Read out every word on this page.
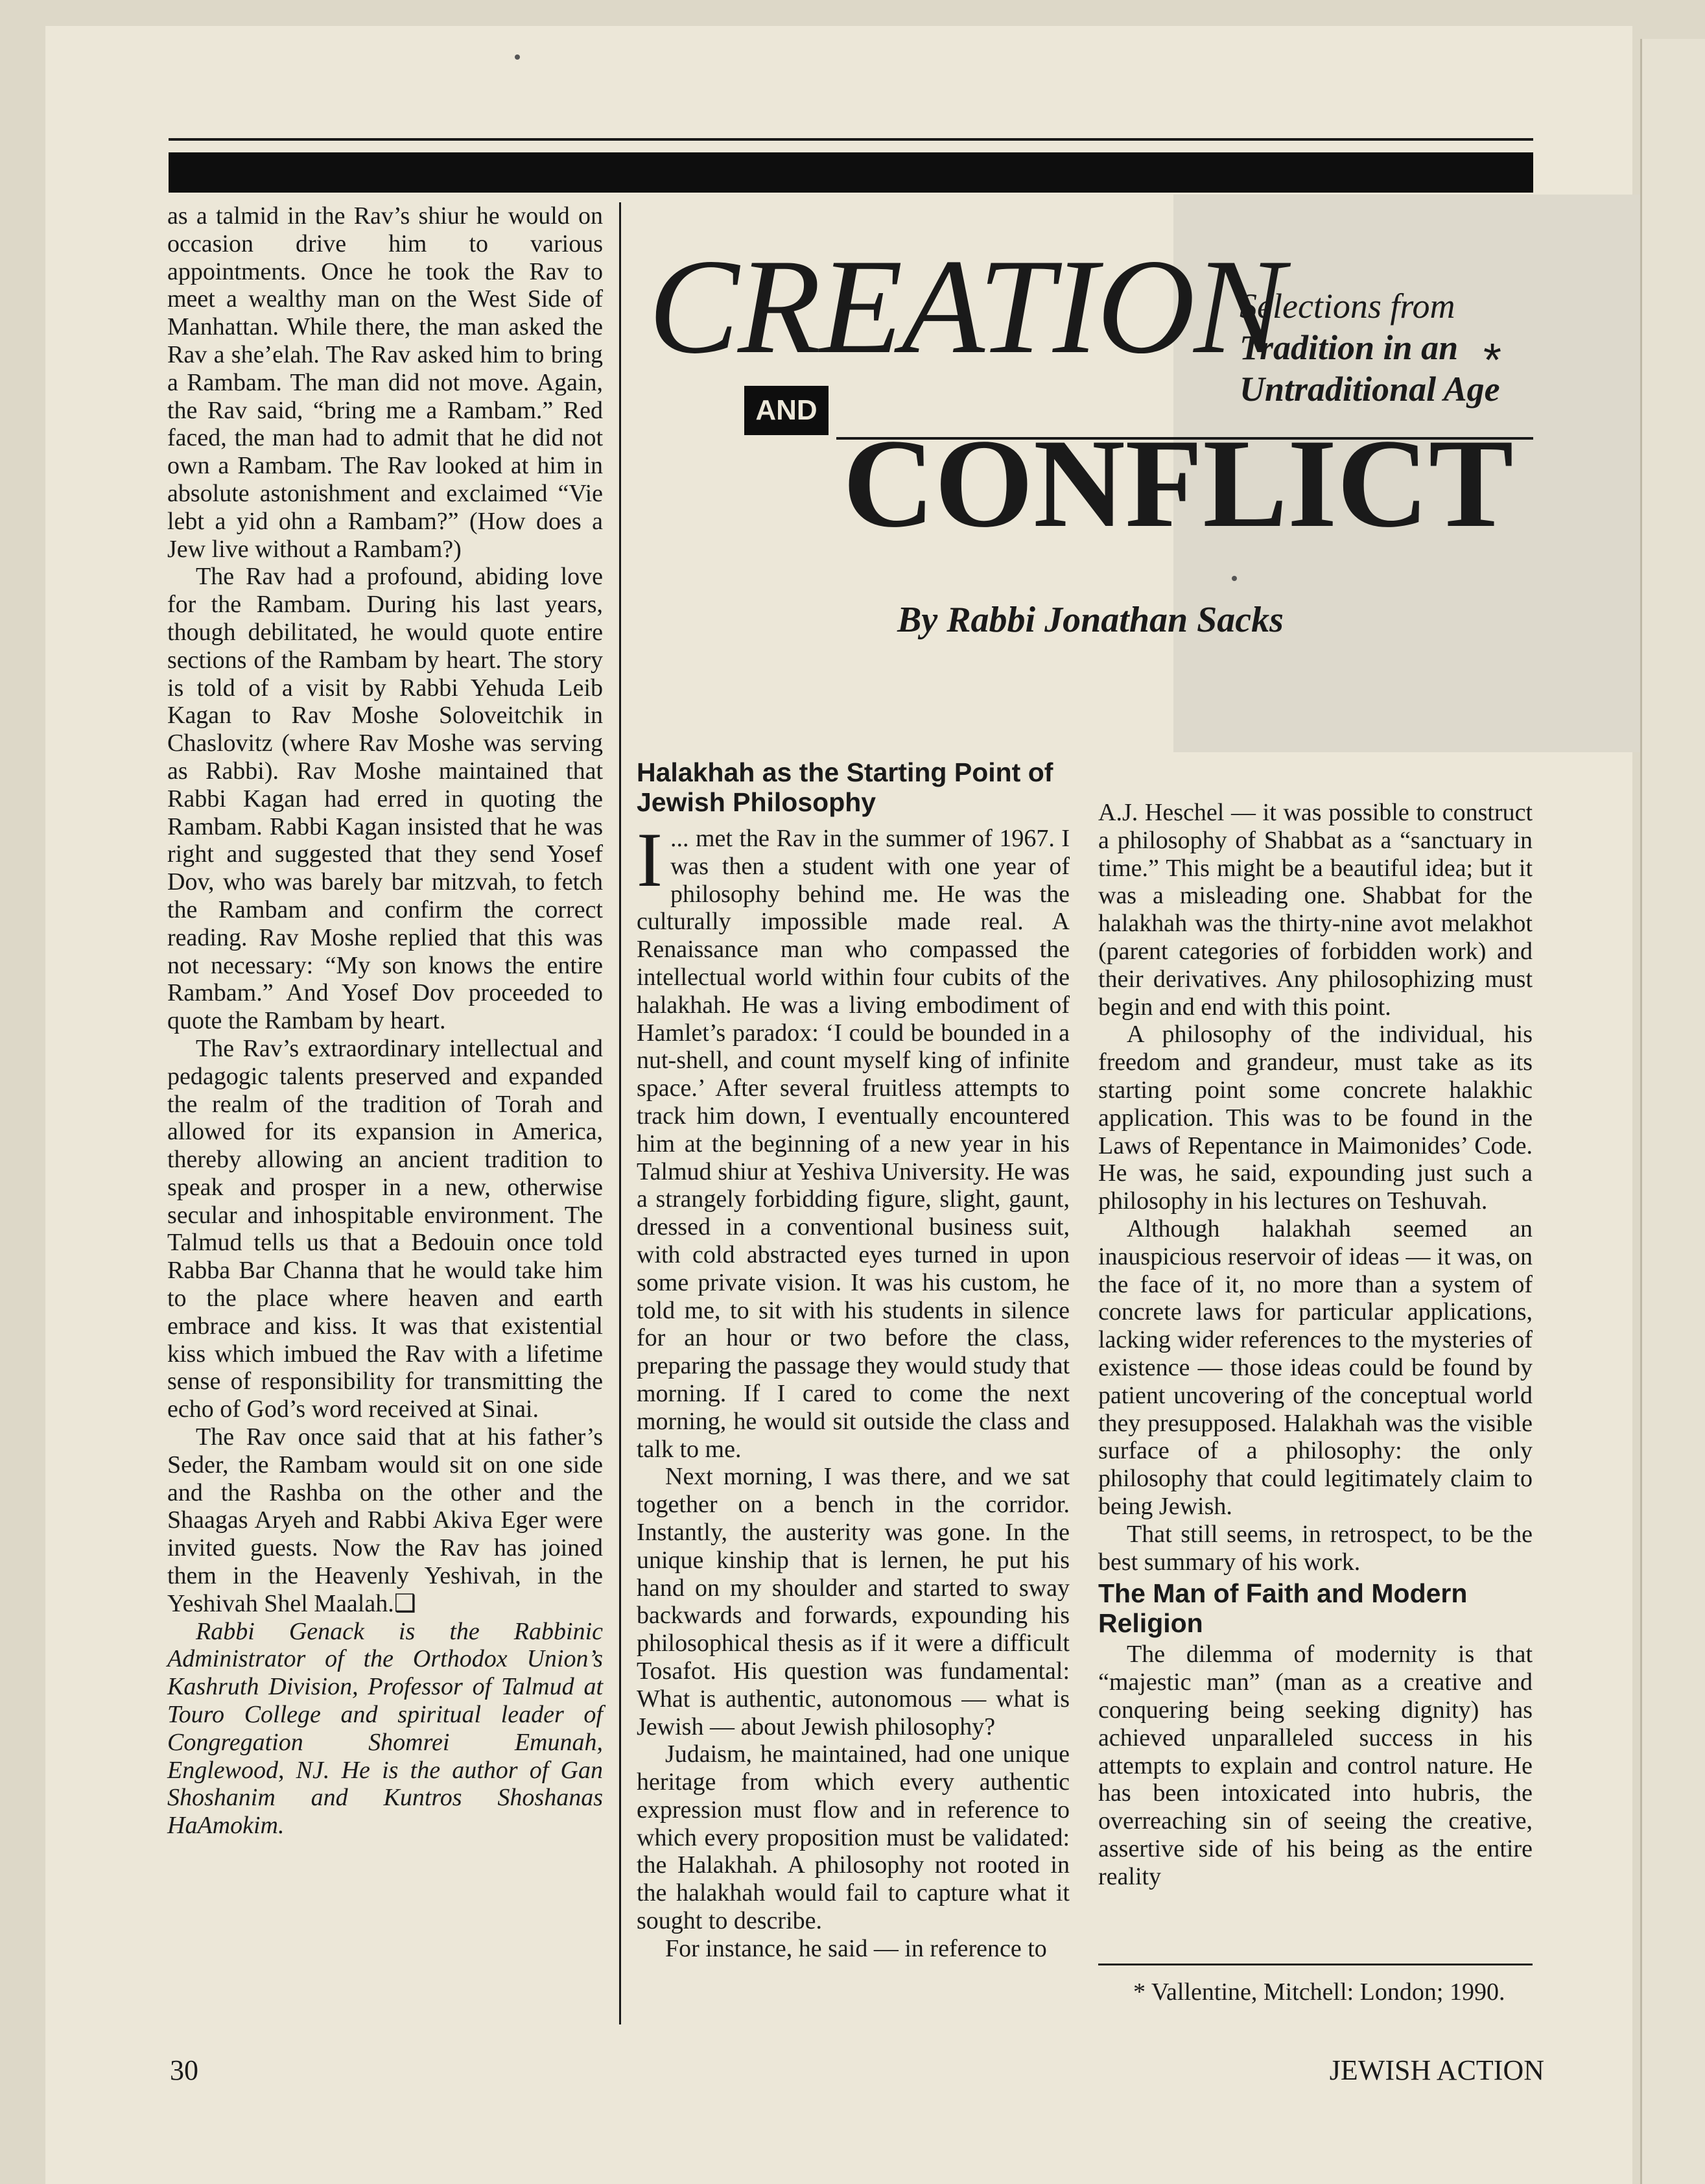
as a talmid in the Rav’s shiur he would on occasion drive him to various appointments. Once he took the Rav to meet a wealthy man on the West Side of Manhattan. While there, the man asked the Rav a she’elah. The Rav asked him to bring a Rambam. The man did not move. Again, the Rav said, “bring me a Rambam.” Red faced, the man had to admit that he did not own a Rambam. The Rav looked at him in absolute astonishment and exclaimed “Vie lebt a yid ohn a Rambam?” (How does a Jew live without a Rambam?)

The Rav had a profound, abiding love for the Rambam. During his last years, though debilitated, he would quote entire sections of the Rambam by heart. The story is told of a visit by Rabbi Yehuda Leib Kagan to Rav Moshe Soloveitchik in Chaslovitz (where Rav Moshe was serving as Rabbi). Rav Moshe maintained that Rabbi Kagan had erred in quoting the Rambam. Rabbi Kagan insisted that he was right and suggested that they send Yosef Dov, who was barely bar mitzvah, to fetch the Rambam and confirm the correct reading. Rav Moshe replied that this was not necessary: “My son knows the entire Rambam.” And Yosef Dov proceeded to quote the Rambam by heart.

The Rav’s extraordinary intellectual and pedagogic talents preserved and expanded the realm of the tradition of Torah and allowed for its expansion in America, thereby allowing an ancient tradition to speak and prosper in a new, otherwise secular and inhospitable environment. The Talmud tells us that a Bedouin once told Rabba Bar Channa that he would take him to the place where heaven and earth embrace and kiss. It was that existential kiss which imbued the Rav with a lifetime sense of responsibility for transmitting the echo of God’s word received at Sinai.

The Rav once said that at his father’s Seder, the Rambam would sit on one side and the Rashba on the other and the Shaagas Aryeh and Rabbi Akiva Eger were invited guests. Now the Rav has joined them in the Heavenly Yeshivah, in the Yeshivah Shel Maalah.❑

Rabbi Genack is the Rabbinic Administrator of the Orthodox Union’s Kashruth Division, Professor of Talmud at Touro College and spiritual leader of Congregation Shomrei Emunah, Englewood, NJ. He is the author of Gan Shoshanim and Kuntros Shoshanas HaAmokim.

CREATION
AND
CONFLICT
Selections from
Tradition in an
Untraditional Age
*
By Rabbi Jonathan Sacks
Halakhah as the Starting Point of Jewish Philosophy

...
I met the Rav in the summer of 1967. I was then a student with one year of philosophy behind me. He was the culturally impossible made real. A Renaissance man who compassed the intellectual world within four cubits of the halakhah. He was a living embodiment of Hamlet’s paradox: ‘I could be bounded in a nut-shell, and count myself king of infinite space.’ After several fruitless attempts to track him down, I eventually encountered him at the beginning of a new year in his Talmud shiur at Yeshiva University. He was a strangely forbidding figure, slight, gaunt, dressed in a conventional business suit, with cold abstracted eyes turned in upon some private vision. It was his custom, he told me, to sit with his students in silence for an hour or two before the class, preparing the passage they would study that morning. If I cared to come the next morning, he would sit outside the class and talk to me.

Next morning, I was there, and we sat together on a bench in the corridor. Instantly, the austerity was gone. In the unique kinship that is lernen, he put his hand on my shoulder and started to sway backwards and forwards, expounding his philosophical thesis as if it were a difficult Tosafot. His question was fundamental: What is authentic, autonomous — what is Jewish — about Jewish philosophy?

Judaism, he maintained, had one unique heritage from which every authentic expression must flow and in reference to which every proposition must be validated: the Halakhah. A philosophy not rooted in the halakhah would fail to capture what it sought to describe.

For instance, he said — in reference to

A.J. Heschel — it was possible to construct a philosophy of Shabbat as a “sanctuary in time.” This might be a beautiful idea; but it was a misleading one. Shabbat for the halakhah was the thirty-nine avot melakhot (parent categories of forbidden work) and their derivatives. Any philosophizing must begin and end with this point.

A philosophy of the individual, his freedom and grandeur, must take as its starting point some concrete halakhic application. This was to be found in the Laws of Repentance in Maimonides’ Code. He was, he said, expounding just such a philosophy in his lectures on Teshuvah.

Although halakhah seemed an inauspicious reservoir of ideas — it was, on the face of it, no more than a system of concrete laws for particular applications, lacking wider references to the mysteries of existence — those ideas could be found by patient uncovering of the conceptual world they presupposed. Halakhah was the visible surface of a philosophy: the only philosophy that could legitimately claim to being Jewish.

That still seems, in retrospect, to be the best summary of his work.

The Man of Faith and Modern Religion

The dilemma of modernity is that “majestic man” (man as a creative and conquering being seeking dignity) has achieved unparalleled success in his attempts to explain and control nature. He has been intoxicated into hubris, the overreaching sin of seeing the creative, assertive side of his being as the entire reality

* Vallentine, Mitchell: London; 1990.
30	JEWISH ACTION
